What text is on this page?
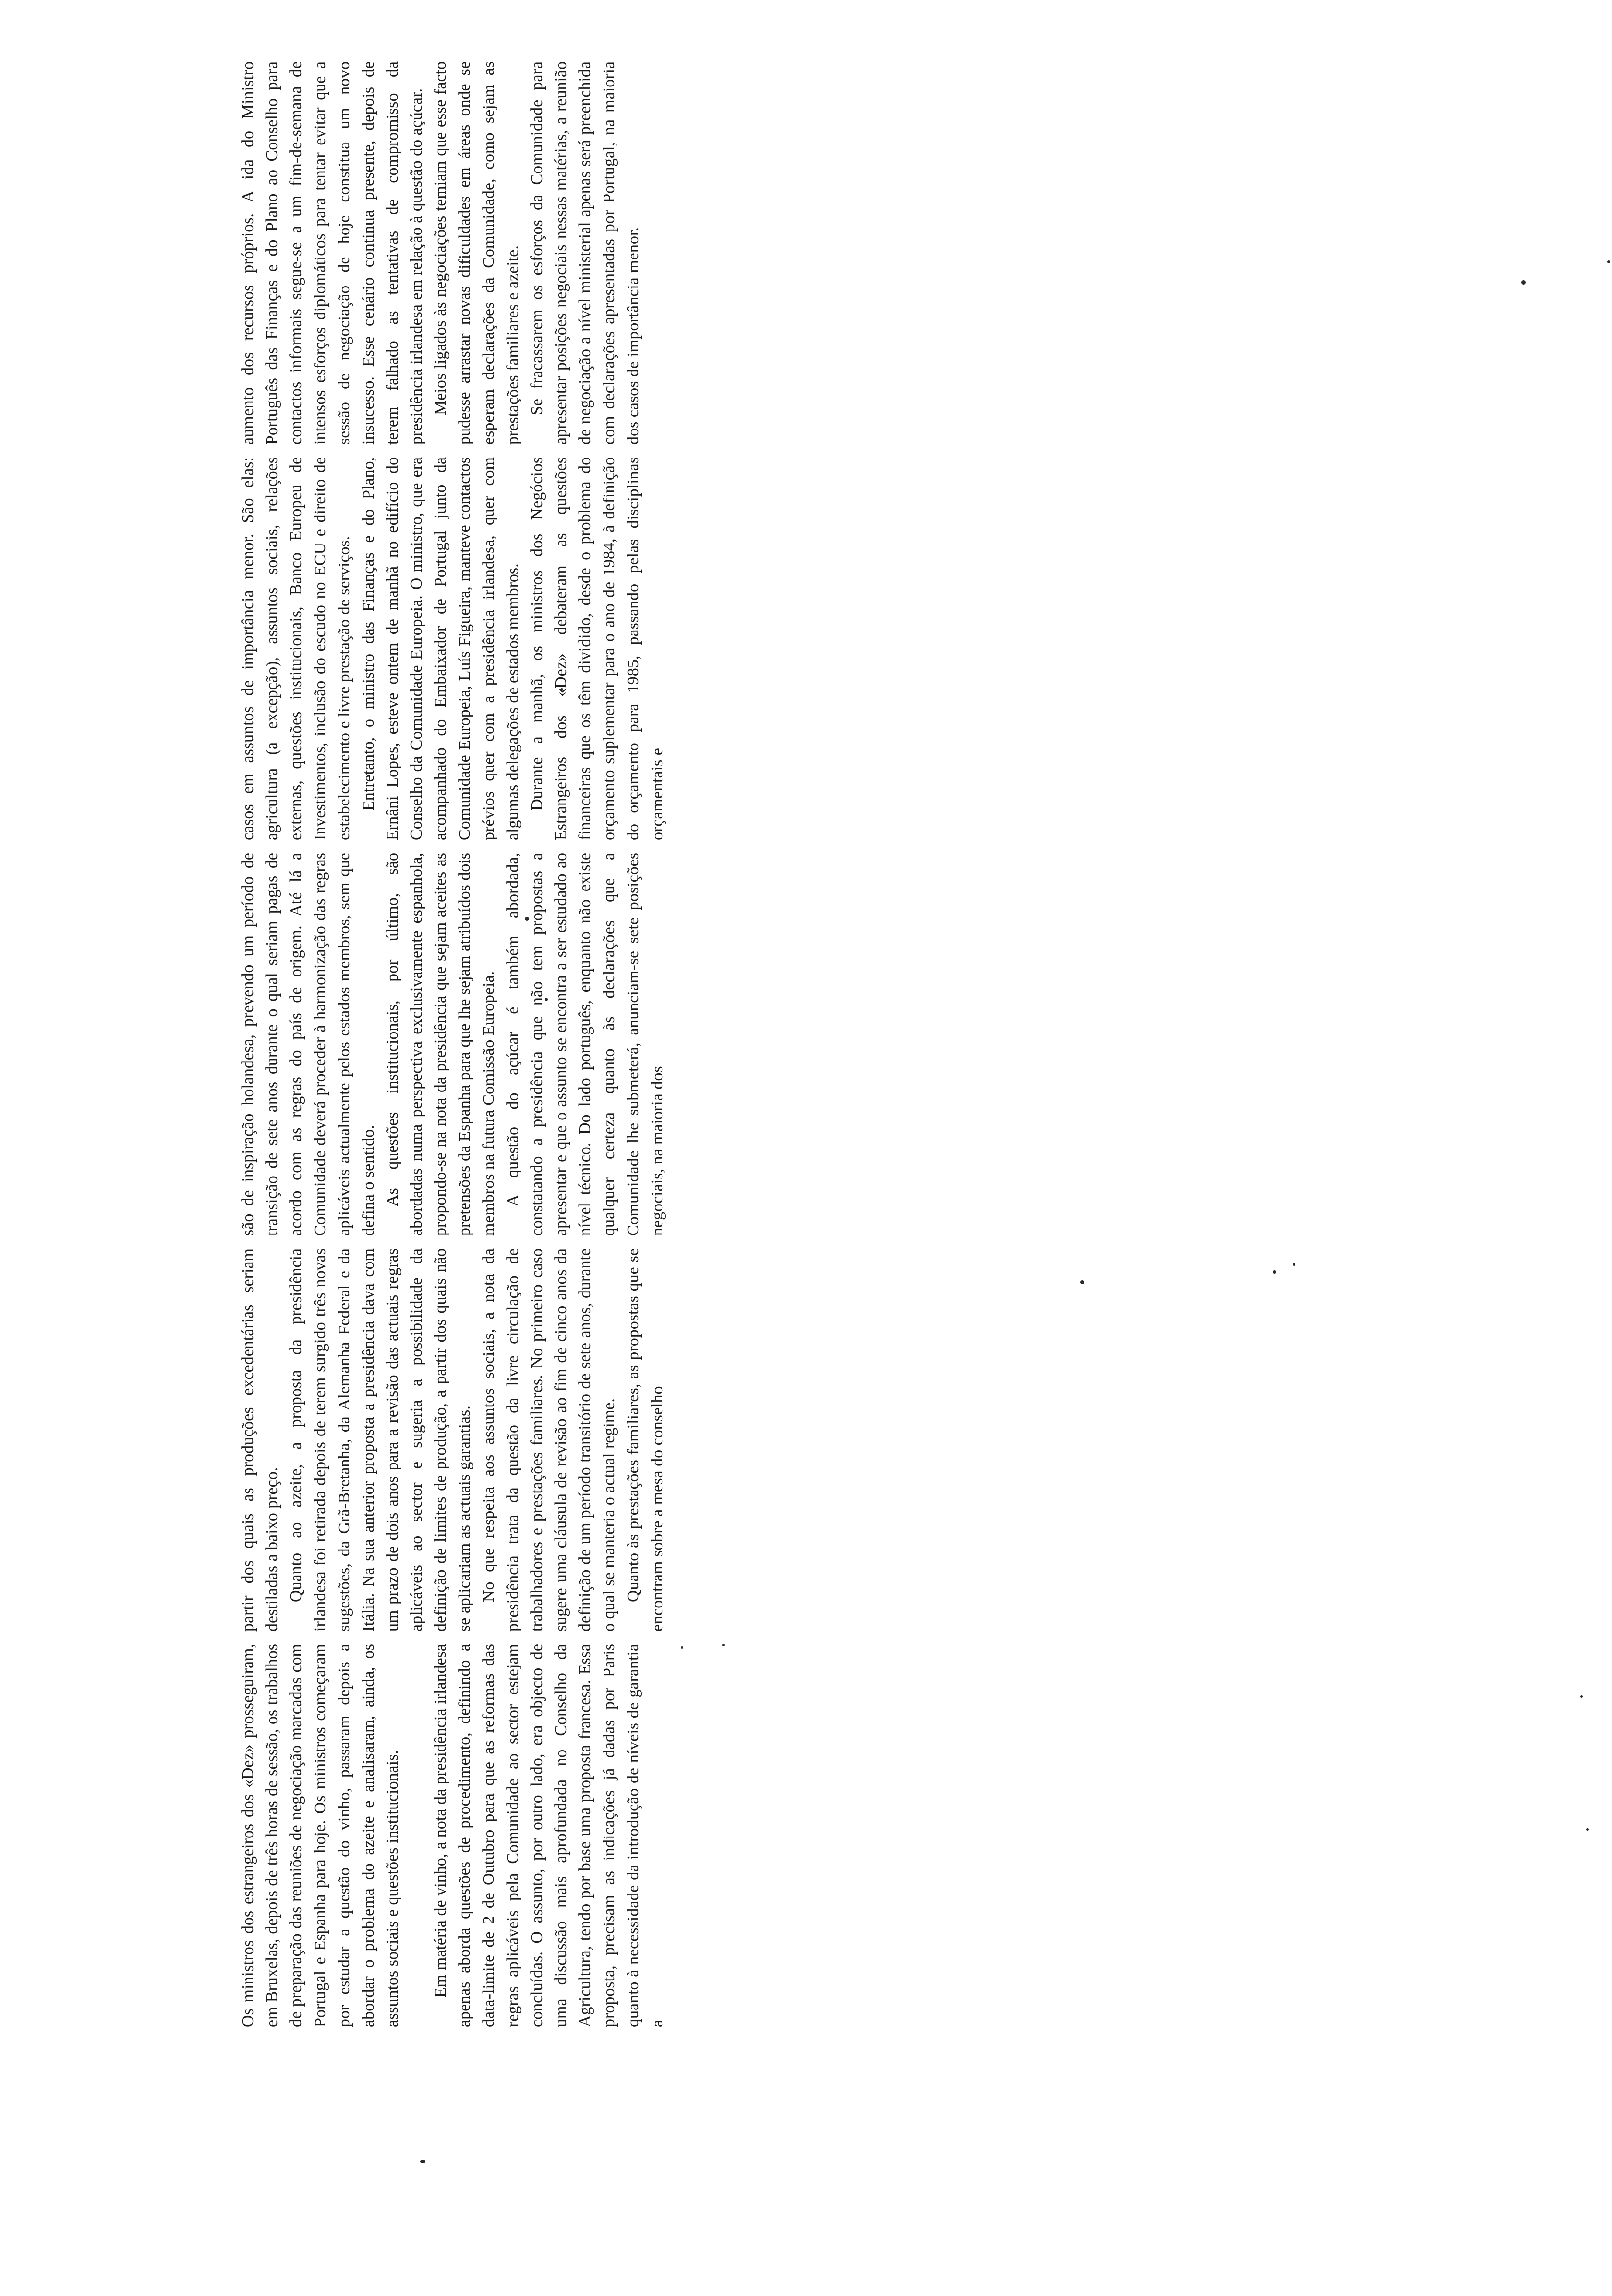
Os ministros dos estrangeiros dos «Dez» prosseguiram, em Bruxelas, depois de três horas de sessão, os trabalhos de preparação das reuniões de negociação marcadas com Portugal e Espanha para hoje. Os ministros começaram por estudar a questão do vinho, passaram depois a abordar o problema do azeite e analisaram, ainda, os assuntos sociais e questões institucionais. Em matéria de vinho, a nota da presidência irlandesa apenas aborda questões de procedimento, definindo a data-limite de 2 de Outubro para que as reformas das regras aplicáveis pela Comunidade ao sector estejam concluídas. O assunto, por outro lado, era objecto de uma discussão mais aprofundada no Conselho da Agricultura, tendo por base uma proposta francesa. Essa proposta, precisam as indicações já dadas por Paris quanto à necessidade da introdução de níveis de garantia a

partir dos quais as produções excedentárias seriam destiladas a baixo preço. Quanto ao azeite, a proposta da presidência irlandesa foi retirada depois de terem surgido três novas sugestões, da Grã-Bretanha, da Alemanha Federal e da Itália. Na sua anterior proposta a presidência dava com um prazo de dois anos para a revisão das actuais regras aplicáveis ao sector e sugeria a possibilidade da definição de limites de produção, a partir dos quais não se aplicariam as actuais garantias. No que respeita aos assuntos sociais, a nota da presidência trata da questão da livre circulação de trabalhadores e prestações familiares. No primeiro caso sugere uma cláusula de revisão ao fim de cinco anos da definição de um período transitório de sete anos, durante o qual se manteria o actual regime. Quanto às prestações familiares, as propostas que se encontram sobre a mesa do conselho

são de inspiração holandesa, prevendo um período de transição de sete anos durante o qual seriam pagas de acordo com as regras do país de origem. Até lá a Comunidade deverá proceder à harmonização das regras aplicáveis actualmente pelos estados membros, sem que defina o sentido. As questões institucionais, por último, são abordadas numa perspectiva exclusivamente espanhola, propondo-se na nota da presidência que sejam aceites as pretensões da Espanha para que lhe sejam atribuídos dois membros na futura Comissão Europeia. A questão do açúcar é também abordada, constatando a presidência que não tem propostas a apresentar e que o assunto se encontra a ser estudado ao nível técnico. Do lado português, enquanto não existe qualquer certeza quanto às declarações que a Comunidade lhe submeterá, anunciam-se sete posições negociais, na maioria dos

casos em assuntos de importância menor. São elas: agricultura (a excepção), assuntos sociais, relações externas, questões institucionais, Banco Europeu de Investimentos, inclusão do escudo no ECU e direito de estabelecimento e livre prestação de serviços. Entretanto, o ministro das Finanças e do Plano, Ernâni Lopes, esteve ontem de manhã no edifício do Conselho da Comunidade Europeia. O ministro, que era acompanhado do Embaixador de Portugal junto da Comunidade Europeia, Luís Figueira, manteve contactos prévios quer com a presidência irlandesa, quer com algumas delegações de estados membros. Durante a manhã, os ministros dos Negócios Estrangeiros dos «Dez» debateram as questões financeiras que os têm dividido, desde o problema do orçamento suplementar para o ano de 1984, à definição do orçamento para 1985, passando pelas disciplinas orçamentais e

aumento dos recursos próprios. A ida do Ministro Português das Finanças e do Plano ao Conselho para contactos informais segue-se a um fim-de-semana de intensos esforços diplomáticos para tentar evitar que a sessão de negociação de hoje constitua um novo insucesso. Esse cenário continua presente, depois de terem falhado as tentativas de compromisso da presidência irlandesa em relação à questão do açúcar. Meios ligados às negociações temiam que esse facto pudesse arrastar novas dificuldades em áreas onde se esperam declarações da Comunidade, como sejam as prestações familiares e azeite. Se fracassarem os esforços da Comunidade para apresentar posições negociais nessas matérias, a reunião de negociação a nível ministerial apenas será preenchida com declarações apresentadas por Portugal, na maioria dos casos de importância menor.
